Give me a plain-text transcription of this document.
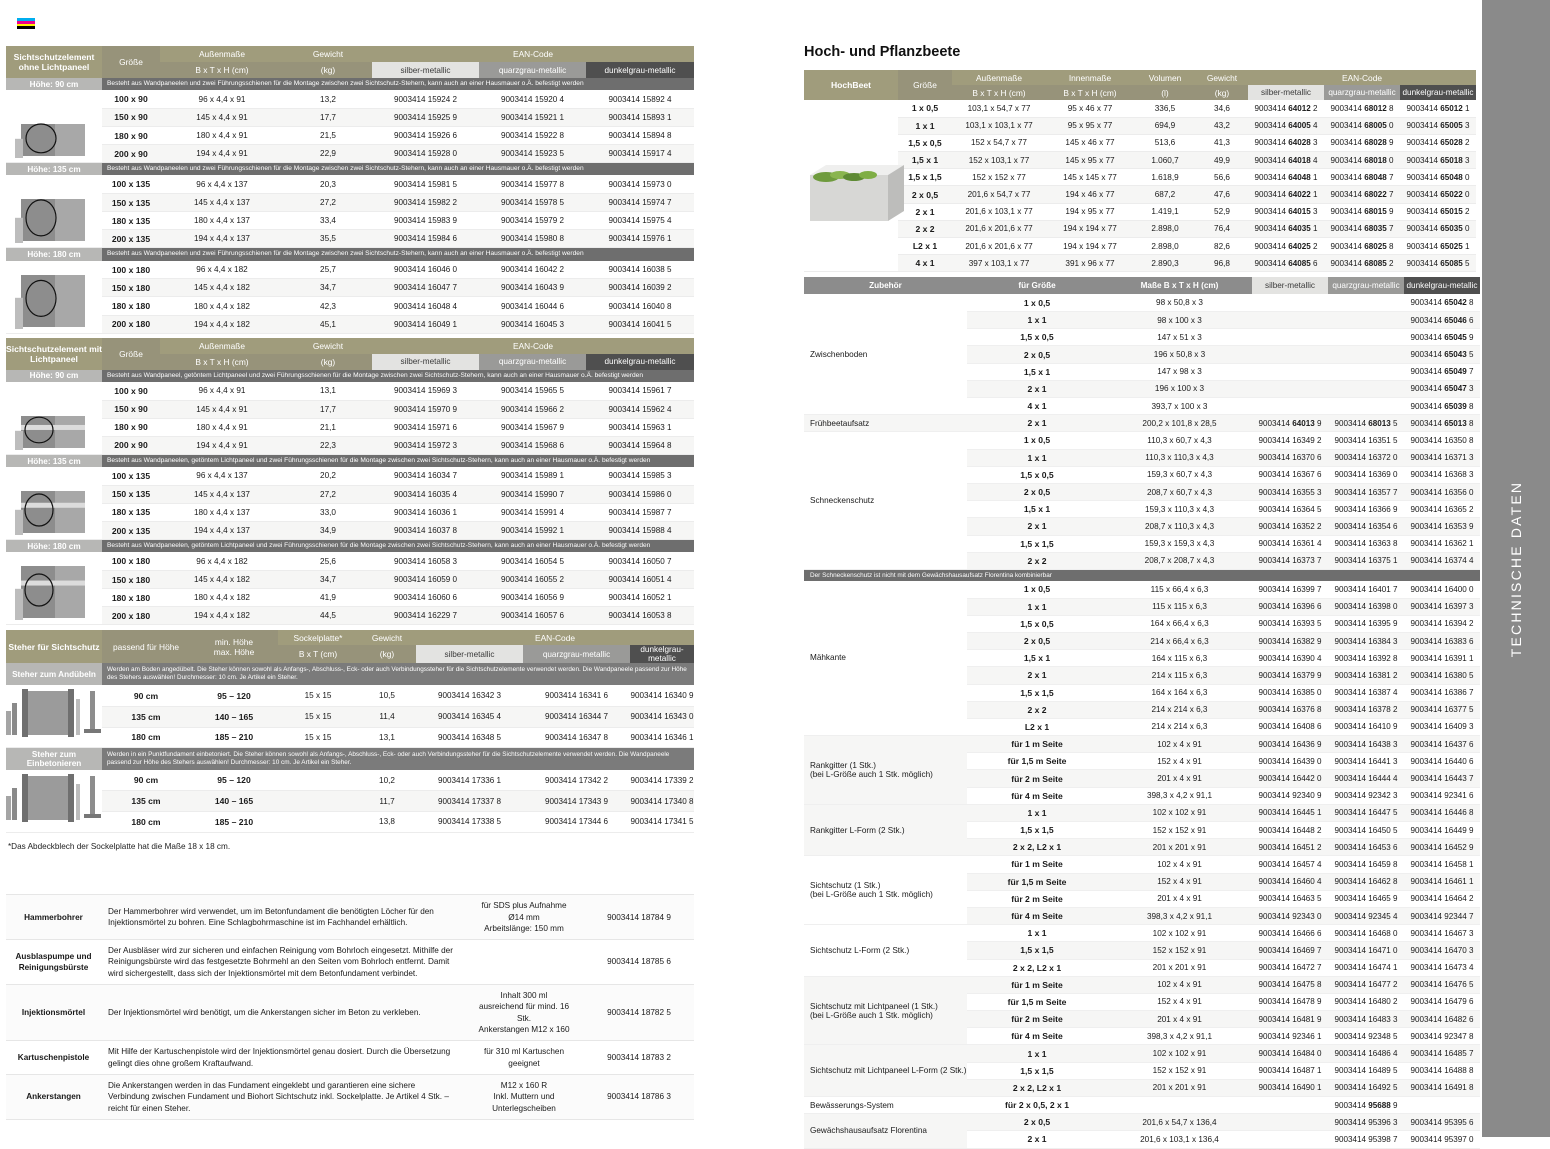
TECHNISCHE DATEN
Sichtschutzelement ohne Lichtpaneel	Größe	Außenmaße	Gewicht	EAN-Code		
		B x T x H (cm)	(kg)	silber-metallic	quarzgrau-metallic	dunkelgrau-metallic
Höhe: 90 cm	Besteht aus Wandpaneelen und zwei Führungsschienen für die Montage zwischen zwei Sichtschutz-Stehern, kann auch an einer Hausmauer o.Ä. befestigt werden					
	100 x 90	96 x 4,4 x 91	13,2	9003414 15924 2	9003414 15920 4	9003414 15892 4
	150 x 90	145 x 4,4 x 91	17,7	9003414 15925 9	9003414 15921 1	9003414 15893 1
	180 x 90	180 x 4,4 x 91	21,5	9003414 15926 6	9003414 15922 8	9003414 15894 8
	200 x 90	194 x 4,4 x 91	22,9	9003414 15928 0	9003414 15923 5	9003414 15917 4
Höhe: 135 cm	Besteht aus Wandpaneelen und zwei Führungsschienen für die Montage zwischen zwei Sichtschutz-Stehern, kann auch an einer Hausmauer o.Ä. befestigt werden					
	100 x 135	96 x 4,4 x 137	20,3	9003414 15981 5	9003414 15977 8	9003414 15973 0
	150 x 135	145 x 4,4 x 137	27,2	9003414 15982 2	9003414 15978 5	9003414 15974 7
	180 x 135	180 x 4,4 x 137	33,4	9003414 15983 9	9003414 15979 2	9003414 15975 4
	200 x 135	194 x 4,4 x 137	35,5	9003414 15984 6	9003414 15980 8	9003414 15976 1
Höhe: 180 cm	Besteht aus Wandpaneelen und zwei Führungsschienen für die Montage zwischen zwei Sichtschutz-Stehern, kann auch an einer Hausmauer o.Ä. befestigt werden					
	100 x 180	96 x 4,4 x 182	25,7	9003414 16046 0	9003414 16042 2	9003414 16038 5
	150 x 180	145 x 4,4 x 182	34,7	9003414 16047 7	9003414 16043 9	9003414 16039 2
	180 x 180	180 x 4,4 x 182	42,3	9003414 16048 4	9003414 16044 6	9003414 16040 8
	200 x 180	194 x 4,4 x 182	45,1	9003414 16049 1	9003414 16045 3	9003414 16041 5
Sichtschutzelement mit Lichtpaneel	Größe	Außenmaße	Gewicht	EAN-Code		
		B x T x H (cm)	(kg)	silber-metallic	quarzgrau-metallic	dunkelgrau-metallic
Höhe: 90 cm	Besteht aus Wandpaneel, getöntem Lichtpaneel und zwei Führungsschienen für die Montage zwischen zwei Sichtschutz-Stehern, kann auch an einer Hausmauer o.Ä. befestigt werden					
	100 x 90	96 x 4,4 x 91	13,1	9003414 15969 3	9003414 15965 5	9003414 15961 7
	150 x 90	145 x 4,4 x 91	17,7	9003414 15970 9	9003414 15966 2	9003414 15962 4
	180 x 90	180 x 4,4 x 91	21,1	9003414 15971 6	9003414 15967 9	9003414 15963 1
	200 x 90	194 x 4,4 x 91	22,3	9003414 15972 3	9003414 15968 6	9003414 15964 8
Höhe: 135 cm	Besteht aus Wandpaneelen, getöntem Lichtpaneel und zwei Führungsschienen für die Montage zwischen zwei Sichtschutz-Stehern, kann auch an einer Hausmauer o.Ä. befestigt werden					
	100 x 135	96 x 4,4 x 137	20,2	9003414 16034 7	9003414 15989 1	9003414 15985 3
	150 x 135	145 x 4,4 x 137	27,2	9003414 16035 4	9003414 15990 7	9003414 15986 0
	180 x 135	180 x 4,4 x 137	33,0	9003414 16036 1	9003414 15991 4	9003414 15987 7
	200 x 135	194 x 4,4 x 137	34,9	9003414 16037 8	9003414 15992 1	9003414 15988 4
Höhe: 180 cm	Besteht aus Wandpaneelen, getöntem Lichtpaneel und zwei Führungsschienen für die Montage zwischen zwei Sichtschutz-Stehern, kann auch an einer Hausmauer o.Ä. befestigt werden					
	100 x 180	96 x 4,4 x 182	25,6	9003414 16058 3	9003414 16054 5	9003414 16050 7
	150 x 180	145 x 4,4 x 182	34,7	9003414 16059 0	9003414 16055 2	9003414 16051 4
	180 x 180	180 x 4,4 x 182	41,9	9003414 16060 6	9003414 16056 9	9003414 16052 1
	200 x 180	194 x 4,4 x 182	44,5	9003414 16229 7	9003414 16057 6	9003414 16053 8
Steher für Sichtschutz	passend für Höhe	min. Höhe
max. Höhe	Sockelplatte*	Gewicht	EAN-Code		
			B x T (cm)	(kg)	silber-metallic	quarzgrau-metallic	dunkelgrau-metallic
Steher zum Andübeln	Werden am Boden angedübelt. Die Steher können sowohl als Anfangs-, Abschluss-, Eck- oder auch Verbindungssteher für die Sichtschutzelemente verwendet werden. Die Wandpaneele passend zur Höhe des Stehers auswählen! Durchmesser: 10 cm. Je Artikel ein Steher.						
	90 cm	95 – 120	15 x 15	10,5	9003414 16342 3	9003414 16341 6	9003414 16340 9
	135 cm	140 – 165	15 x 15	11,4	9003414 16345 4	9003414 16344 7	9003414 16343 0
	180 cm	185 – 210	15 x 15	13,1	9003414 16348 5	9003414 16347 8	9003414 16346 1
Steher zum Einbetonieren	Werden in ein Punktfundament einbetoniert. Die Steher können sowohl als Anfangs-, Abschluss-, Eck- oder auch Verbindungssteher für die Sichtschutzelemente verwendet werden. Die Wandpaneele passend zur Höhe des Stehers auswählen! Durchmesser: 10 cm. Je Artikel ein Steher.						
	90 cm	95 – 120		10,2	9003414 17336 1	9003414 17342 2	9003414 17339 2
	135 cm	140 – 165		11,7	9003414 17337 8	9003414 17343 9	9003414 17340 8
	180 cm	185 – 210		13,8	9003414 17338 5	9003414 17344 6	9003414 17341 5
*Das Abdeckblech der Sockelplatte hat die Maße 18 x 18 cm.
Montagezubehör	für Steher zum Andübeln		EAN-Code
Hammerbohrer	Der Hammerbohrer wird verwendet, um im Betonfundament die benötigten Löcher für den Injektionsmörtel zu bohren. Eine Schlagbohrmaschine ist im Fachhandel erhältlich.	für SDS plus Aufnahme
Ø14 mm
Arbeitslänge: 150 mm	9003414 18784 9
Ausblaspumpe und Reinigungsbürste	Der Ausbläser wird zur sicheren und einfachen Reinigung vom Bohrloch eingesetzt. Mithilfe der Reinigungsbürste wird das festgesetzte Bohrmehl an den Seiten vom Bohrloch entfernt. Damit wird sichergestellt, dass sich der Injektionsmörtel mit dem Betonfundament verbindet.		9003414 18785 6
Injektionsmörtel	Der Injektionsmörtel wird benötigt, um die Ankerstangen sicher im Beton zu verkleben.	Inhalt 300 ml
ausreichend für mind. 16 Stk.
Ankerstangen M12 x 160	9003414 18782 5
Kartuschenpistole	Mit Hilfe der Kartuschenpistole wird der Injektionsmörtel genau dosiert. Durch die Übersetzung gelingt dies ohne großem Kraftaufwand.	für 310 ml Kartuschen geeignet	9003414 18783 2
Ankerstangen	Die Ankerstangen werden in das Fundament eingeklebt und garantieren eine sichere Verbindung zwischen Fundament und Biohort Sichtschutz inkl. Sockelplatte. Je Artikel 4 Stk. – reicht für einen Steher.	M12 x 160 R
Inkl. Muttern und Unterlegscheiben	9003414 18786 3
Hoch- und Pflanzbeete
HochBeet	Größe	Außenmaße	Innenmaße	Volumen	Gewicht	EAN-Code		
		B x T x H (cm)	B x T x H (cm)	(l)	(kg)	silber-metallic	quarzgrau-metallic	dunkelgrau-metallic
	1 x 0,5	103,1 x 54,7 x 77	95 x 46 x 77	336,5	34,6	9003414 64012 2	9003414 68012 8	9003414 65012 1
	1 x 1	103,1 x 103,1 x 77	95 x 95 x 77	694,9	43,2	9003414 64005 4	9003414 68005 0	9003414 65005 3
	1,5 x 0,5	152 x 54,7 x 77	145 x 46 x 77	513,6	41,3	9003414 64028 3	9003414 68028 9	9003414 65028 2
	1,5 x 1	152 x 103,1 x 77	145 x 95 x 77	1.060,7	49,9	9003414 64018 4	9003414 68018 0	9003414 65018 3
	1,5 x 1,5	152 x 152 x 77	145 x 145 x 77	1.618,9	56,6	9003414 64048 1	9003414 68048 7	9003414 65048 0
	2 x 0,5	201,6 x 54,7 x 77	194 x 46 x 77	687,2	47,6	9003414 64022 1	9003414 68022 7	9003414 65022 0
	2 x 1	201,6 x 103,1 x 77	194 x 95 x 77	1.419,1	52,9	9003414 64015 3	9003414 68015 9	9003414 65015 2
	2 x 2	201,6 x 201,6 x 77	194 x 194 x 77	2.898,0	76,4	9003414 64035 1	9003414 68035 7	9003414 65035 0
	L2 x 1	201,6 x 201,6 x 77	194 x 194 x 77	2.898,0	82,6	9003414 64025 2	9003414 68025 8	9003414 65025 1
	4 x 1	397 x 103,1 x 77	391 x 96 x 77	2.890,3	96,8	9003414 64085 6	9003414 68085 2	9003414 65085 5
Zubehör	für Größe	Maße B x T x H (cm)	silber-metallic	quarzgrau-metallic	dunkelgrau-metallic
Zwischenboden	1 x 0,5	98 x 50,8 x 3			9003414 65042 8
	1 x 1	98 x 100 x 3			9003414 65046 6
	1,5 x 0,5	147 x 51 x 3			9003414 65045 9
	2 x 0,5	196 x 50,8 x 3			9003414 65043 5
	1,5 x 1	147 x 98 x 3			9003414 65049 7
	2 x 1	196 x 100 x 3			9003414 65047 3
	4 x 1	393,7 x 100 x 3			9003414 65039 8
Frühbeetaufsatz	2 x 1	200,2 x 101,8 x 28,5	9003414 64013 9	9003414 68013 5	9003414 65013 8
Schneckenschutz	1 x 0,5	110,3 x 60,7 x 4,3	9003414 16349 2	9003414 16351 5	9003414 16350 8
	1 x 1	110,3 x 110,3 x 4,3	9003414 16370 6	9003414 16372 0	9003414 16371 3
	1,5 x 0,5	159,3 x 60,7 x 4,3	9003414 16367 6	9003414 16369 0	9003414 16368 3
	2 x 0,5	208,7 x 60,7 x 4,3	9003414 16355 3	9003414 16357 7	9003414 16356 0
	1,5 x 1	159,3 x 110,3 x 4,3	9003414 16364 5	9003414 16366 9	9003414 16365 2
	2 x 1	208,7 x 110,3 x 4,3	9003414 16352 2	9003414 16354 6	9003414 16353 9
	1,5 x 1,5	159,3 x 159,3 x 4,3	9003414 16361 4	9003414 16363 8	9003414 16362 1
	2 x 2	208,7 x 208,7 x 4,3	9003414 16373 7	9003414 16375 1	9003414 16374 4
Der Schneckenschutz ist nicht mit dem Gewächshausaufsatz Florentina kombinierbar					
Mähkante	1 x 0,5	115 x 66,4 x 6,3	9003414 16399 7	9003414 16401 7	9003414 16400 0
	1 x 1	115 x 115 x 6,3	9003414 16396 6	9003414 16398 0	9003414 16397 3
	1,5 x 0,5	164 x 66,4 x 6,3	9003414 16393 5	9003414 16395 9	9003414 16394 2
	2 x 0,5	214 x 66,4 x 6,3	9003414 16382 9	9003414 16384 3	9003414 16383 6
	1,5 x 1	164 x 115 x 6,3	9003414 16390 4	9003414 16392 8	9003414 16391 1
	2 x 1	214 x 115 x 6,3	9003414 16379 9	9003414 16381 2	9003414 16380 5
	1,5 x 1,5	164 x 164 x 6,3	9003414 16385 0	9003414 16387 4	9003414 16386 7
	2 x 2	214 x 214 x 6,3	9003414 16376 8	9003414 16378 2	9003414 16377 5
	L2 x 1	214 x 214 x 6,3	9003414 16408 6	9003414 16410 9	9003414 16409 3
Rankgitter (1 Stk.)
(bei L-Größe auch 1 Stk. möglich)	für 1 m Seite	102 x 4 x 91	9003414 16436 9	9003414 16438 3	9003414 16437 6
	für 1,5 m Seite	152 x 4 x 91	9003414 16439 0	9003414 16441 3	9003414 16440 6
	für 2 m Seite	201 x 4 x 91	9003414 16442 0	9003414 16444 4	9003414 16443 7
	für 4 m Seite	398,3 x 4,2 x 91,1	9003414 92340 9	9003414 92342 3	9003414 92341 6
Rankgitter L-Form (2 Stk.)	1 x 1	102 x 102 x 91	9003414 16445 1	9003414 16447 5	9003414 16446 8
	1,5 x 1,5	152 x 152 x 91	9003414 16448 2	9003414 16450 5	9003414 16449 9
	2 x 2, L2 x 1	201 x 201 x 91	9003414 16451 2	9003414 16453 6	9003414 16452 9
Sichtschutz (1 Stk.)
(bei L-Größe auch 1 Stk. möglich)	für 1 m Seite	102 x 4 x 91	9003414 16457 4	9003414 16459 8	9003414 16458 1
	für 1,5 m Seite	152 x 4 x 91	9003414 16460 4	9003414 16462 8	9003414 16461 1
	für 2 m Seite	201 x 4 x 91	9003414 16463 5	9003414 16465 9	9003414 16464 2
	für 4 m Seite	398,3 x 4,2 x 91,1	9003414 92343 0	9003414 92345 4	9003414 92344 7
Sichtschutz L-Form (2 Stk.)	1 x 1	102 x 102 x 91	9003414 16466 6	9003414 16468 0	9003414 16467 3
	1,5 x 1,5	152 x 152 x 91	9003414 16469 7	9003414 16471 0	9003414 16470 3
	2 x 2, L2 x 1	201 x 201 x 91	9003414 16472 7	9003414 16474 1	9003414 16473 4
Sichtschutz mit Lichtpaneel (1 Stk.)
(bei L-Größe auch 1 Stk. möglich)	für 1 m Seite	102 x 4 x 91	9003414 16475 8	9003414 16477 2	9003414 16476 5
	für 1,5 m Seite	152 x 4 x 91	9003414 16478 9	9003414 16480 2	9003414 16479 6
	für 2 m Seite	201 x 4 x 91	9003414 16481 9	9003414 16483 3	9003414 16482 6
	für 4 m Seite	398,3 x 4,2 x 91,1	9003414 92346 1	9003414 92348 5	9003414 92347 8
Sichtschutz mit Lichtpaneel L-Form (2 Stk.)	1 x 1	102 x 102 x 91	9003414 16484 0	9003414 16486 4	9003414 16485 7
	1,5 x 1,5	152 x 152 x 91	9003414 16487 1	9003414 16489 5	9003414 16488 8
	2 x 2, L2 x 1	201 x 201 x 91	9003414 16490 1	9003414 16492 5	9003414 16491 8
Bewässerungs-System	für 2 x 0,5, 2 x 1			9003414 95688 9	
Gewächshausaufsatz Florentina	2 x 0,5	201,6 x 54,7 x 136,4		9003414 95396 3	9003414 95395 6
	2 x 1	201,6 x 103,1 x 136,4		9003414 95398 7	9003414 95397 0
